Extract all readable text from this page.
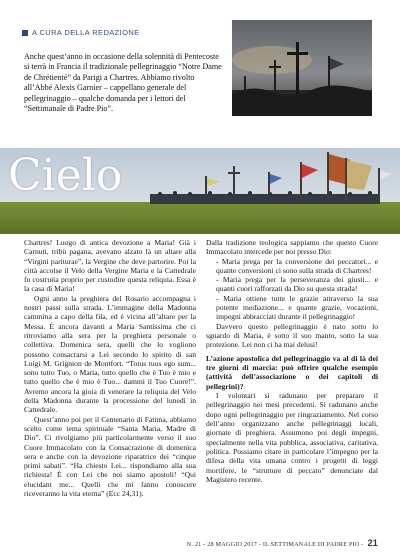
A CURA DELLA REDAZIONE
Anche quest’anno in occasione della solennità di Pentecoste si terrà in Francia il tradizionale pellegrinaggio “Notre Dame de Chrétienté” da Parigi a Chartres. Abbiamo rivolto all’Abbé Alexis Garnier – cappellano generale del pellegrinaggio – qualche domanda per i lettori del “Settimanale di Padre Pio”.
Cielo

Chartres! Luogo di antica devozione a Maria! Già i Carnuti, tribù pagana, avevano alzato là un altare alla “Virgini pariturae”, la Vergine che deve partorire. Poi la città accolse il Velo della Vergine Maria e la Cattedrale fu costruita proprio per custodire questa reliquia. Essa è la casa di Maria!

Ogni anno la preghiera del Rosario accompagna i nostri passi sulla strada. L’immagine della Madonna cammina a capo della fila, ed è vicina all’altare per la Messa. È ancora davanti a Maria Santissima che ci ritroviamo alla sera per la preghiera personale o collettiva. Domenica sera, quelli che lo vogliono possono consacrarsi a Lei secondo lo spirito di san Luigi M. Grignion de Montfort. “Totus tuus ego sum... sono tutto Tuo, o Maria, tutto quello che è Tuo è mio e tutto quello che è mio è Tuo... dammi il Tuo Cuore!”. Avremo ancora la gioia di venerare la reliquia del Velo della Madonna durante la processione del lunedì in Cattedrale.

Quest’anno poi per il Centenario di Fatima, abbiamo scelto come tema spirituale “Santa Maria, Madre di Dio”. Ci rivolgiamo più particolarmente verso il suo Cuore Immacolato con la Consacrazione di domenica sera e anche con la devozione riparatrice dei “cinque primi sabati”. “Ha chiesto Lei... rispondiamo alla sua richiesta! È con Lei che noi siamo apostoli! “Qui elucidant me... Quelli che mi fanno conoscere riceveranno la vita eterna” (Ecc 24,31).

Dalla tradizione teologica sappiamo che questo Cuore Immacolato intercede per noi presso Dio:

- Maria prega per la conversione dei peccatori... e quante conversioni ci sono sulla strada di Chartres!

- Maria prega per la perseveranza dei giusti... e quanti cuori rafforzati da Dio su questa strada!

- Maria ottiene tutte le grazie attraverso la sua potente mediazione... e quante grazie, vocazioni, impegni abbracciati durante il pellegrinaggio!

Davvero questo pellegrinaggio è nato sotto lo sguardo di Maria, è sotto il suo manto, sotto la sua protezione. Lei non ci ha mai delusi!

L’azione apostolica del pellegrinaggio va al di là dei tre giorni di marcia: può offrire qualche esempio (attività dell’associazione o dei capitoli di pellegrini)?

I volontari si radunano per preparare il pellegrinaggio nei mesi precedenti. Si radunano anche dopo ogni pellegrinaggio per ringraziamento. Nel corso dell’anno organizzano anche pellegrinaggi locali, giornate di preghiera. Assumono poi degli impegni, specialmente nella vita pubblica, associativa, caritativa, politica. Possiamo citare in particolare l’impegno per la difesa della vita umana contro i progetti di leggi mortifere, le “strutture di peccato” denunciate dal Magistero recente.

N. 21 - 28 MAGGIO 2017 - IL SETTIMANALE DI PADRE PIO - 21
